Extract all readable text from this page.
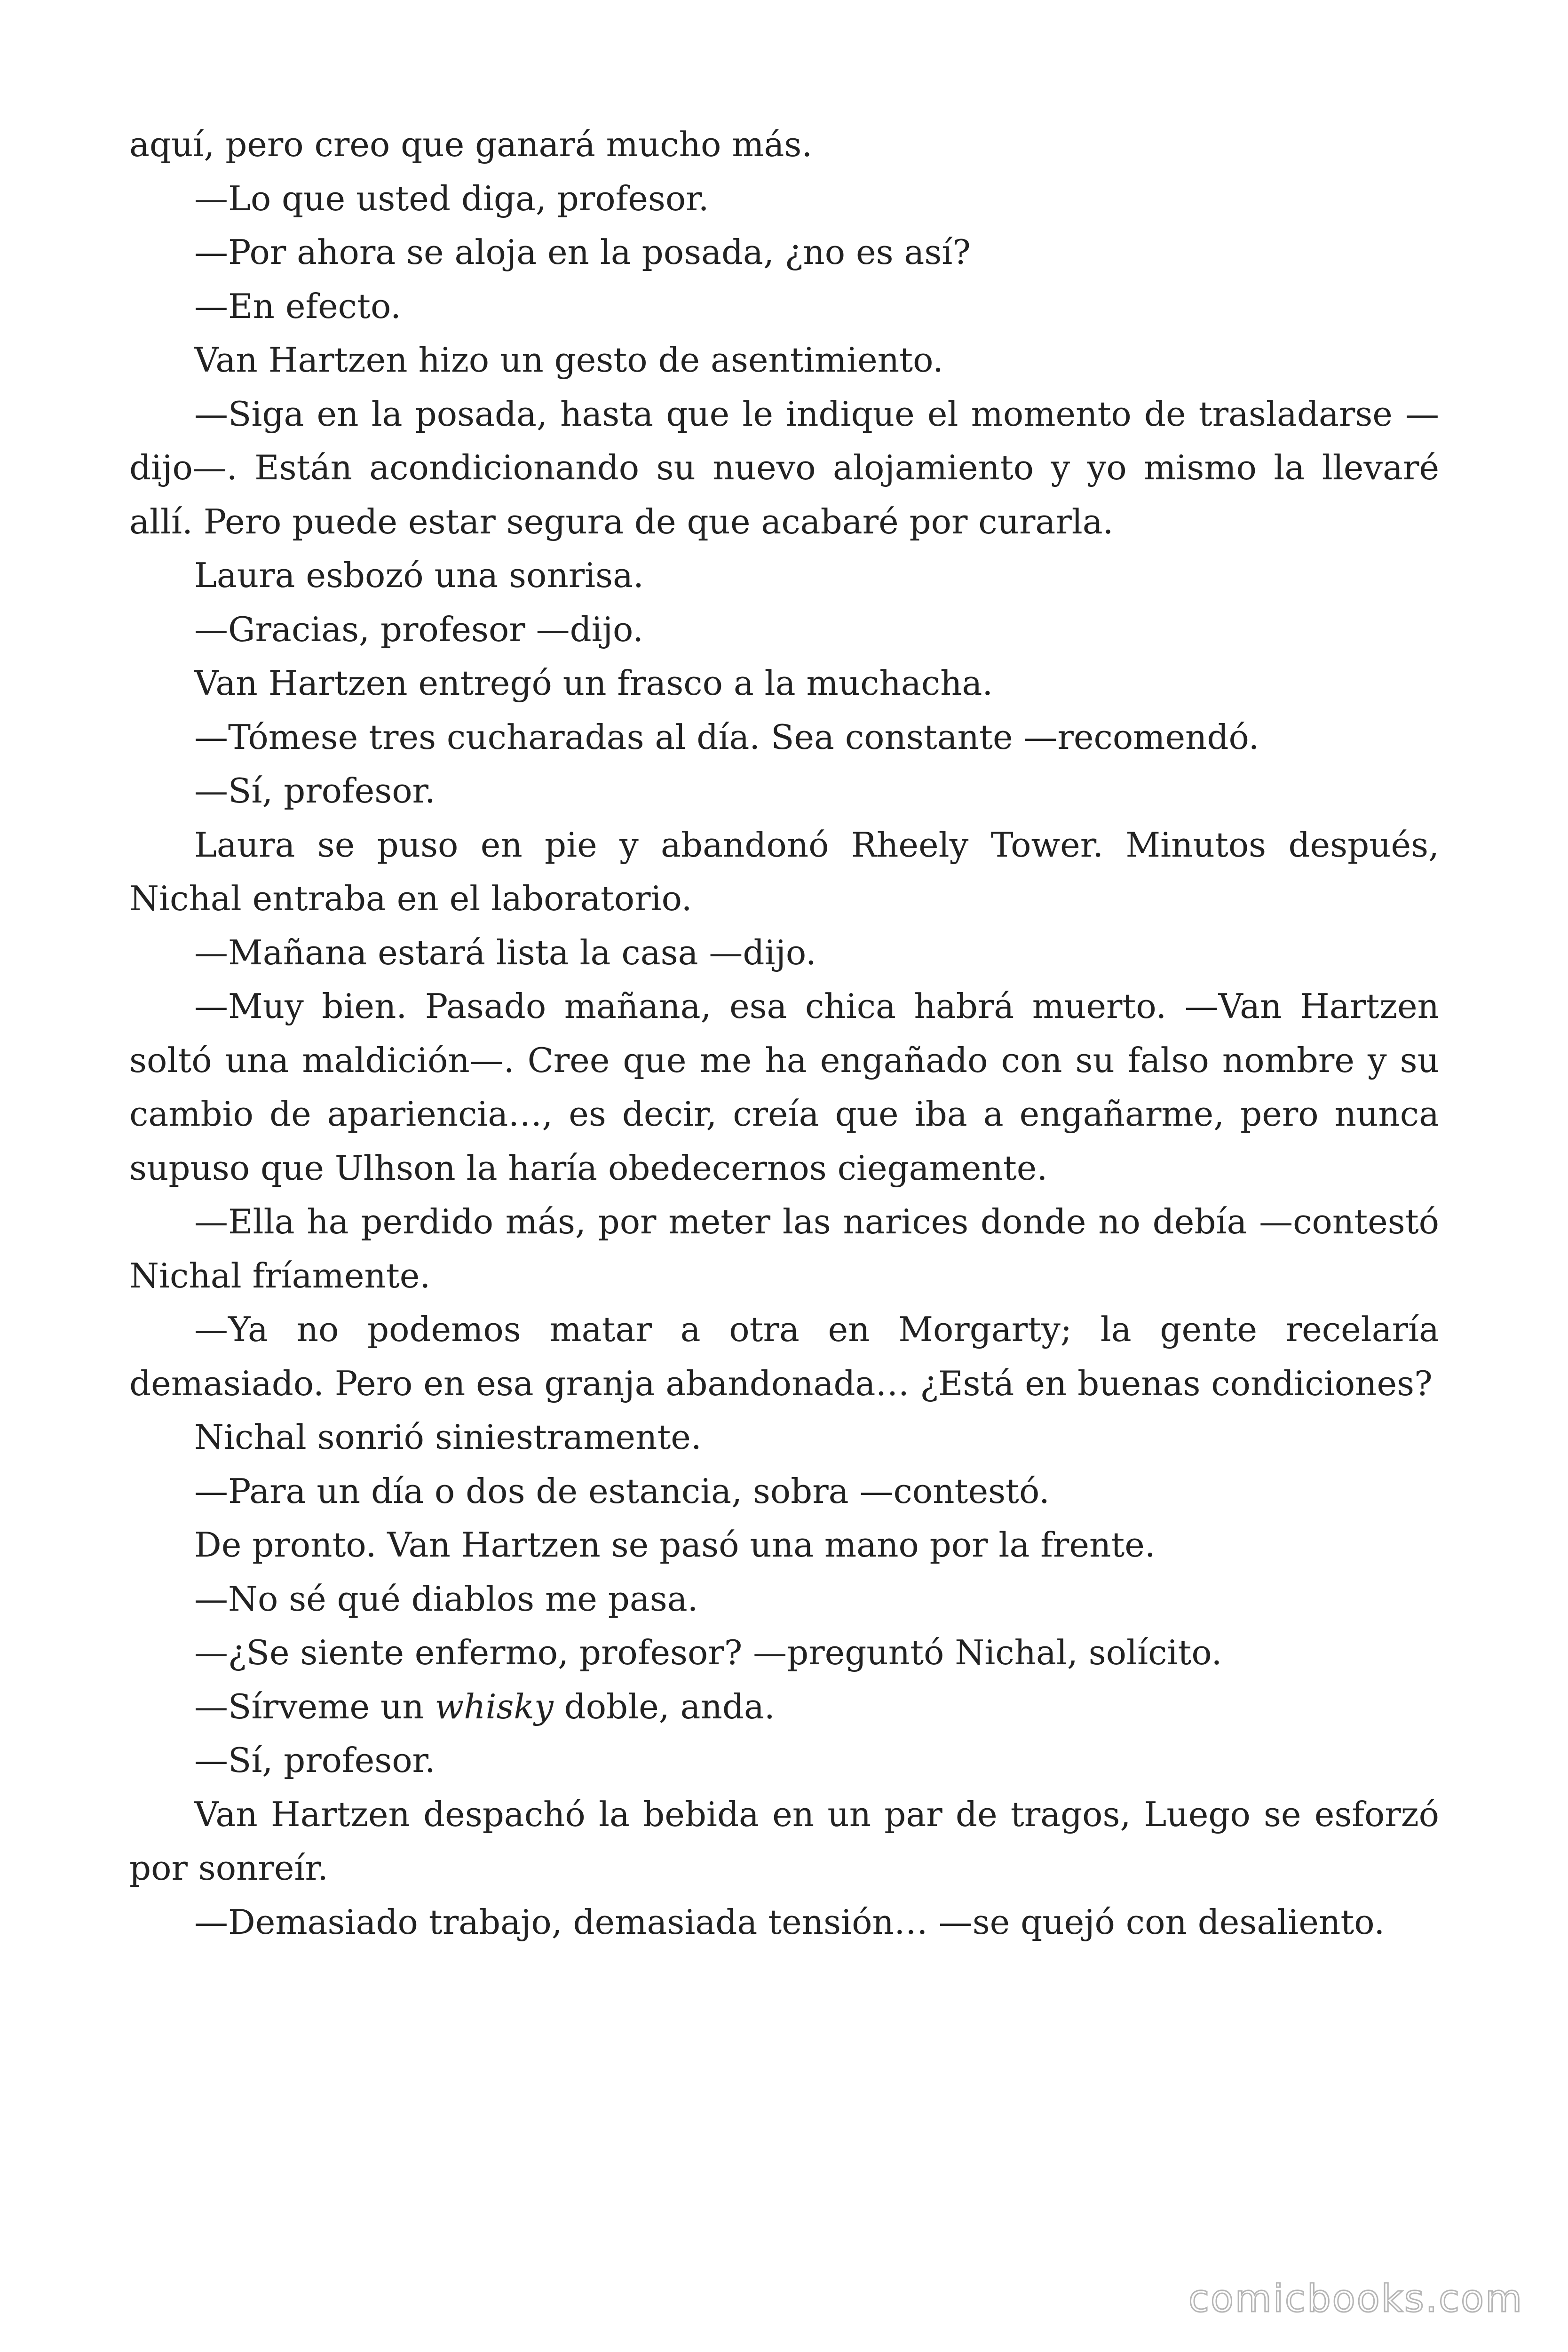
aquí, pero creo que ganará mucho más.

—Lo que usted diga, profesor.

—Por ahora se aloja en la posada, ¿no es así?

—En efecto.

Van Hartzen hizo un gesto de asentimiento.

—Siga en la posada, hasta que le indique el momento de trasladarse —dijo—. Están acondicionando su nuevo alojamiento y yo mismo la llevaré allí. Pero puede estar segura de que acabaré por curarla.

Laura esbozó una sonrisa.

—Gracias, profesor —dijo.

Van Hartzen entregó un frasco a la muchacha.

—Tómese tres cucharadas al día. Sea constante —recomendó.

—Sí, profesor.

Laura se puso en pie y abandonó Rheely Tower. Minutos después, Nichal entraba en el laboratorio.

—Mañana estará lista la casa —dijo.

—Muy bien. Pasado mañana, esa chica habrá muerto. —Van Hartzen soltó una maldición—. Cree que me ha engañado con su falso nombre y su cambio de apariencia…, es decir, creía que iba a engañarme, pero nunca supuso que Ulhson la haría obedecernos ciegamente.

—Ella ha perdido más, por meter las narices donde no debía —contestó Nichal fríamente.

—Ya no podemos matar a otra en Morgarty; la gente recelaría demasiado. Pero en esa granja abandonada… ¿Está en buenas condiciones?

Nichal sonrió siniestramente.

—Para un día o dos de estancia, sobra —contestó.

De pronto. Van Hartzen se pasó una mano por la frente.

—No sé qué diablos me pasa.

—¿Se siente enfermo, profesor? —preguntó Nichal, solícito.

—Sírveme un whisky doble, anda.

—Sí, profesor.

Van Hartzen despachó la bebida en un par de tragos, Luego se esforzó por sonreír.

—Demasiado trabajo, demasiada tensión… —se quejó con desaliento.

comicbooks.com
